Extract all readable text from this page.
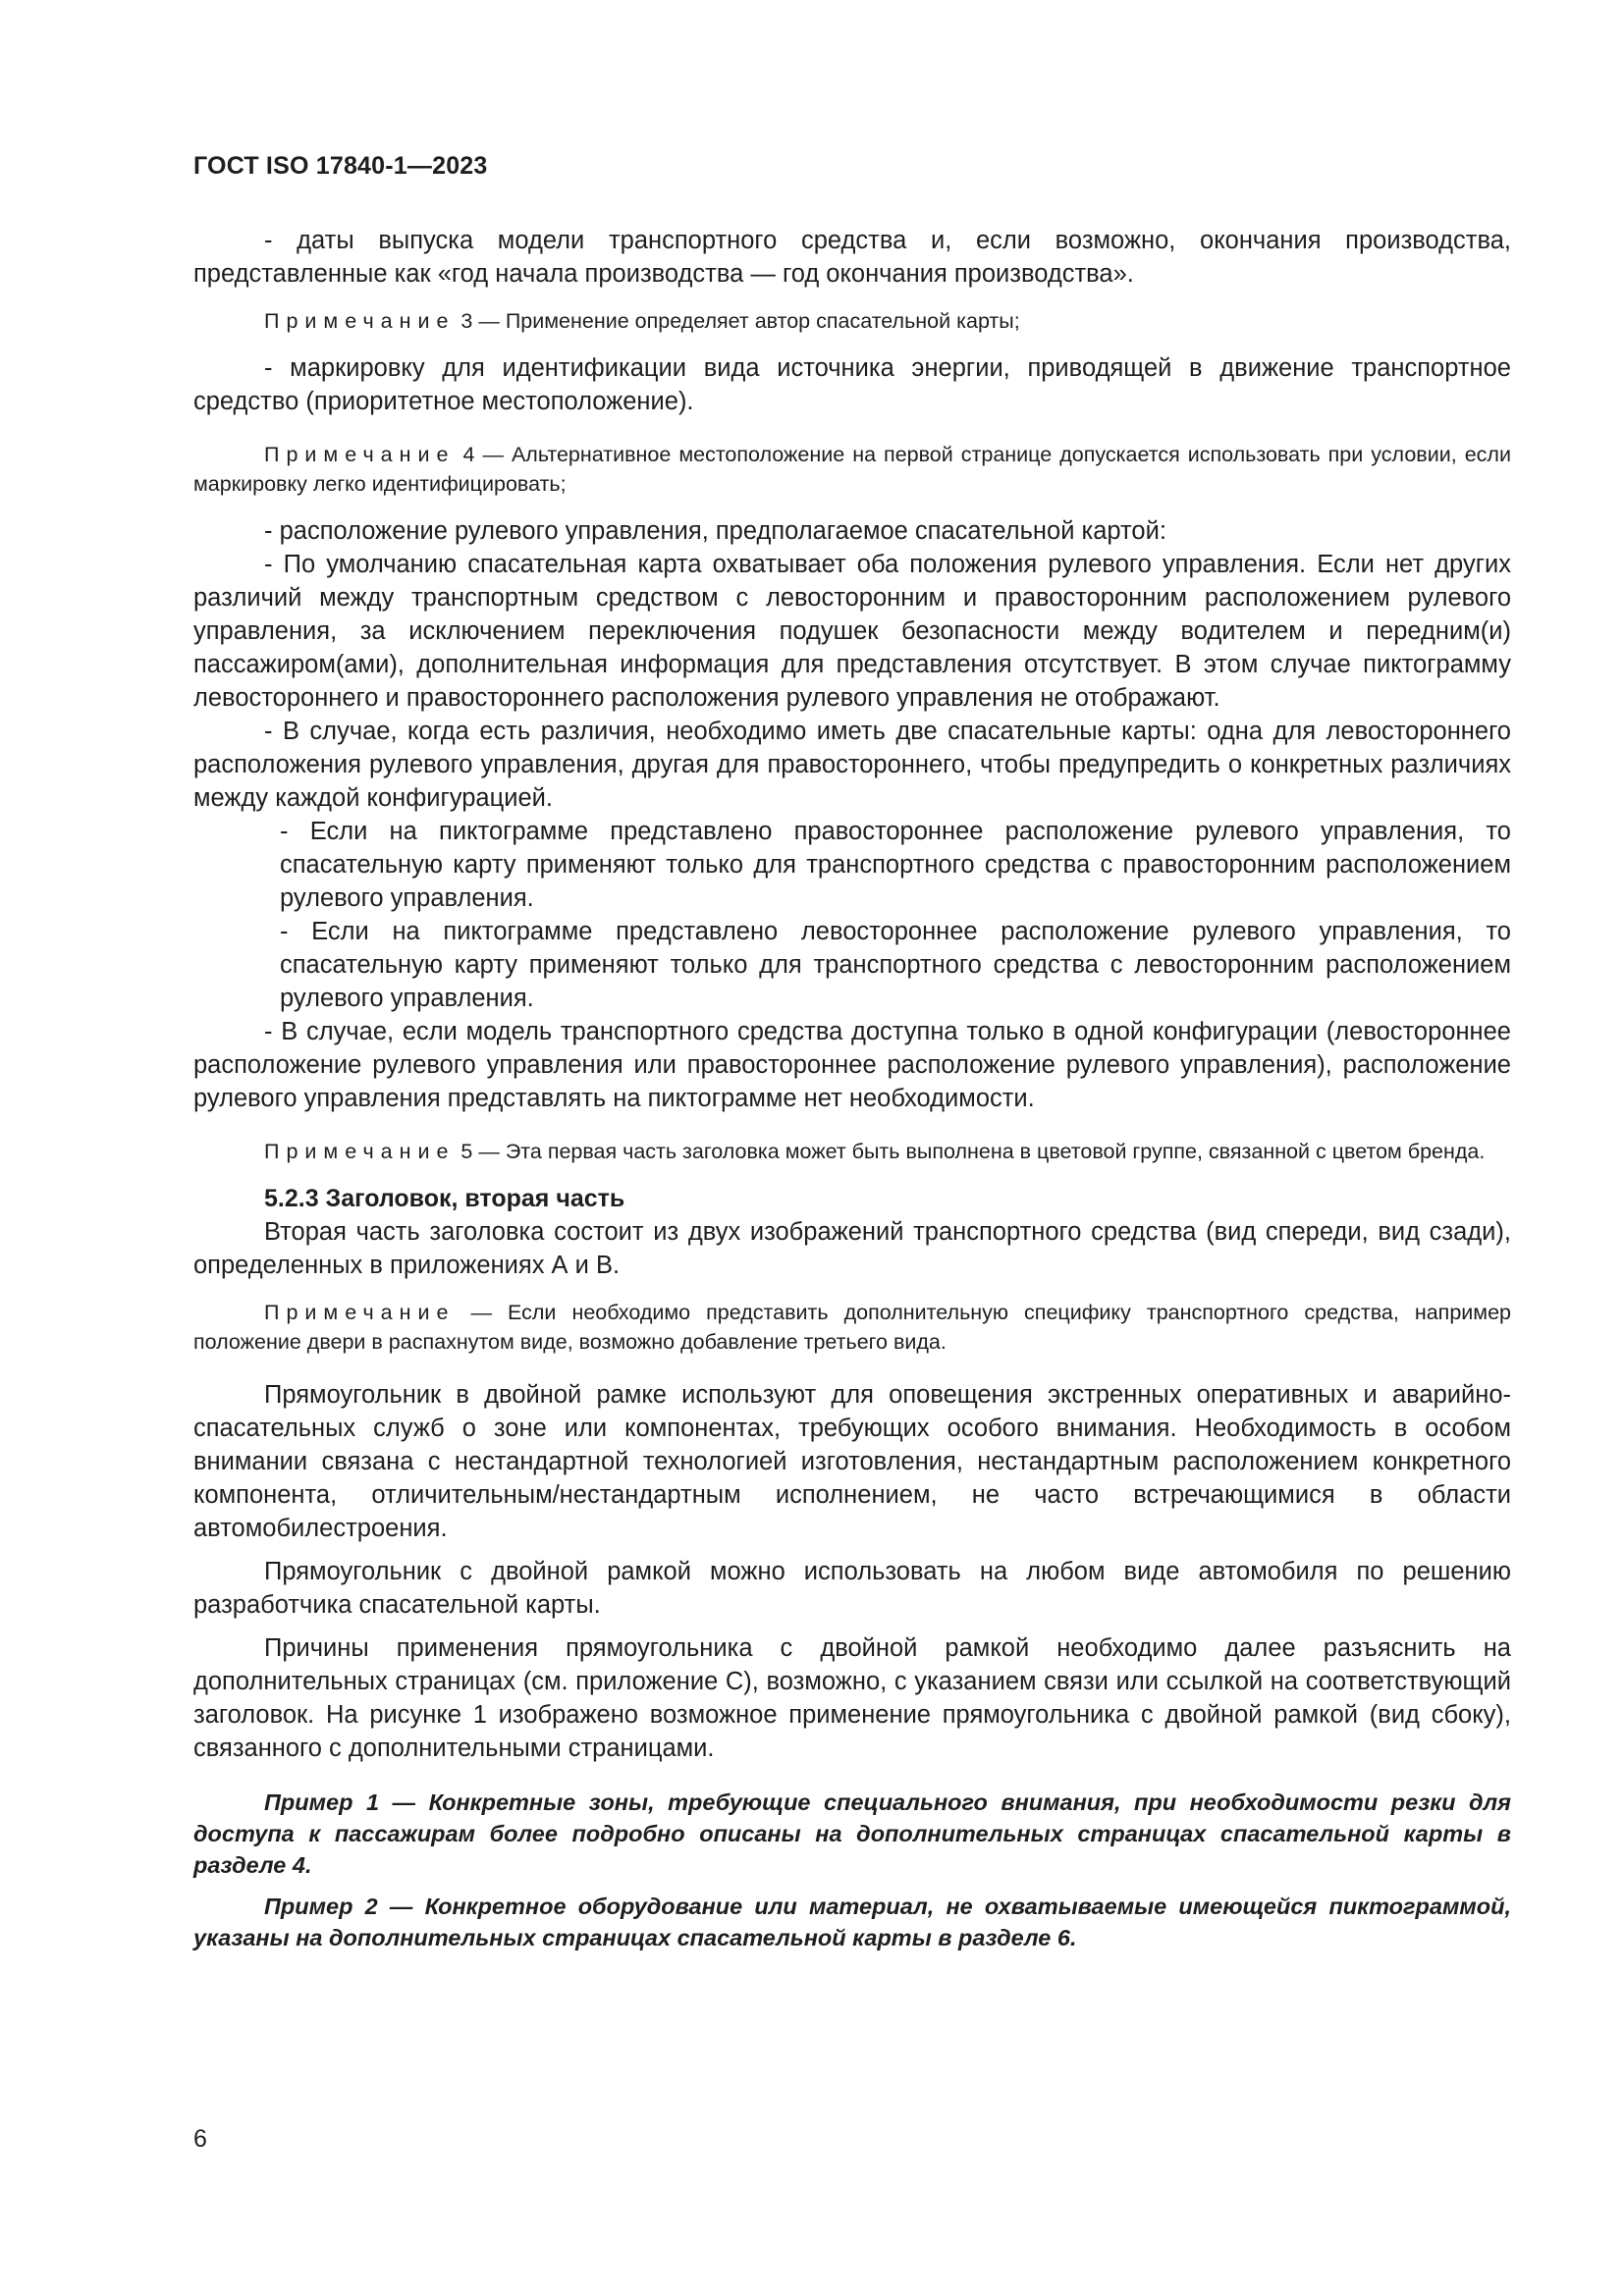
ГОСТ ISO 17840-1—2023

- даты выпуска модели транспортного средства и, если возможно, окончания производства, представленные как «год начала производства — год окончания производства».

Примечание 3 — Применение определяет автор спасательной карты;

- маркировку для идентификации вида источника энергии, приводящей в движение транспортное средство (приоритетное местоположение).

Примечание 4 — Альтернативное местоположение на первой странице допускается использовать при условии, если маркировку легко идентифицировать;

- расположение рулевого управления, предполагаемое спасательной картой:

- По умолчанию спасательная карта охватывает оба положения рулевого управления. Если нет других различий между транспортным средством с левосторонним и правосторонним расположением рулевого управления, за исключением переключения подушек безопасности между водителем и передним(и) пассажиром(ами), дополнительная информация для представления отсутствует. В этом случае пиктограмму левостороннего и правостороннего расположения рулевого управления не отображают.

- В случае, когда есть различия, необходимо иметь две спасательные карты: одна для левостороннего расположения рулевого управления, другая для правостороннего, чтобы предупредить о конкретных различиях между каждой конфигурацией.

- Если на пиктограмме представлено правостороннее расположение рулевого управления, то спасательную карту применяют только для транспортного средства с правосторонним расположением рулевого управления.

- Если на пиктограмме представлено левостороннее расположение рулевого управления, то спасательную карту применяют только для транспортного средства с левосторонним расположением рулевого управления.

- В случае, если модель транспортного средства доступна только в одной конфигурации (левостороннее расположение рулевого управления или правостороннее расположение рулевого управления), расположение рулевого управления представлять на пиктограмме нет необходимости.

Примечание 5 — Эта первая часть заголовка может быть выполнена в цветовой группе, связанной с цветом бренда.

5.2.3 Заголовок, вторая часть

Вторая часть заголовка состоит из двух изображений транспортного средства (вид спереди, вид сзади), определенных в приложениях А и В.

Примечание — Если необходимо представить дополнительную специфику транспортного средства, например положение двери в распахнутом виде, возможно добавление третьего вида.

Прямоугольник в двойной рамке используют для оповещения экстренных оперативных и аварийно-спасательных служб о зоне или компонентах, требующих особого внимания. Необходимость в особом внимании связана с нестандартной технологией изготовления, нестандартным расположением конкретного компонента, отличительным/нестандартным исполнением, не часто встречающимися в области автомобилестроения.

Прямоугольник с двойной рамкой можно использовать на любом виде автомобиля по решению разработчика спасательной карты.

Причины применения прямоугольника с двойной рамкой необходимо далее разъяснить на дополнительных страницах (см. приложение С), возможно, с указанием связи или ссылкой на соответствующий заголовок. На рисунке 1 изображено возможное применение прямоугольника с двойной рамкой (вид сбоку), связанного с дополнительными страницами.

Пример 1 — Конкретные зоны, требующие специального внимания, при необходимости резки для доступа к пассажирам более подробно описаны на дополнительных страницах спасательной карты в разделе 4.

Пример 2 — Конкретное оборудование или материал, не охватываемые имеющейся пиктограммой, указаны на дополнительных страницах спасательной карты в разделе 6.

6
